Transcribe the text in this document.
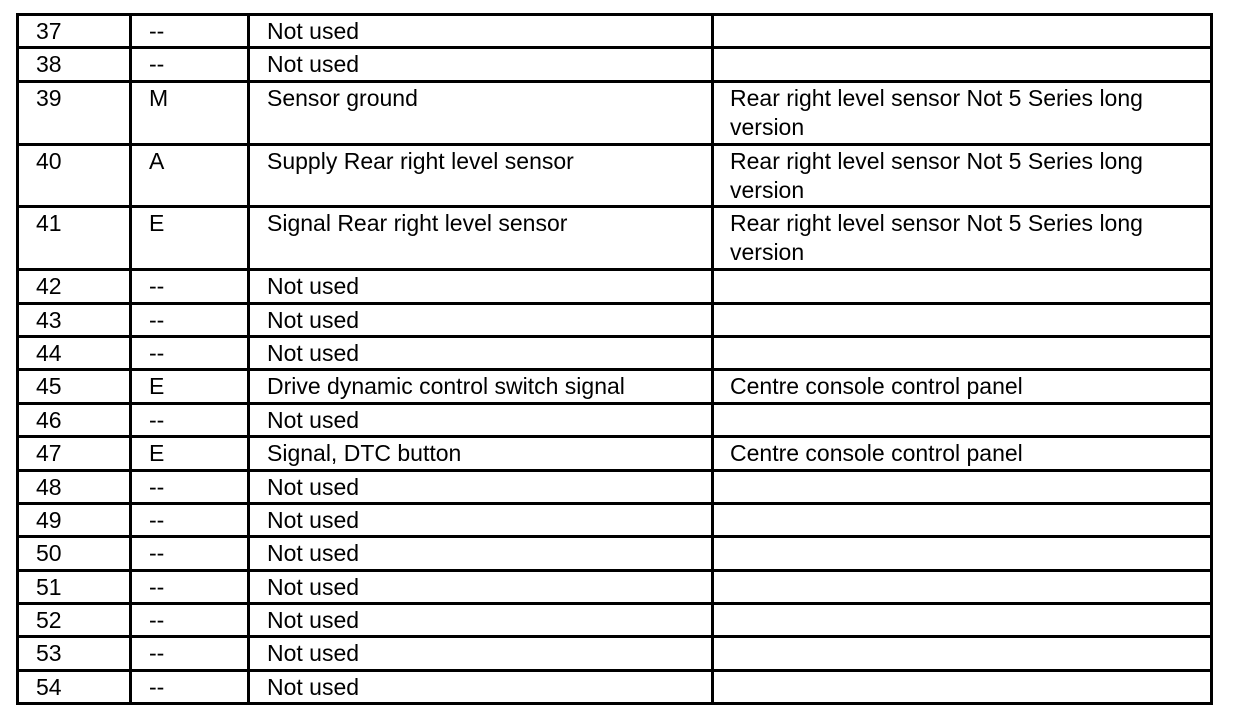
37	--	Not used	
38	--	Not used	
39	M	Sensor ground	Rear right level sensor Not 5 Series long version
40	A	Supply Rear right level sensor	Rear right level sensor Not 5 Series long version
41	E	Signal Rear right level sensor	Rear right level sensor Not 5 Series long version
42	--	Not used	
43	--	Not used	
44	--	Not used	
45	E	Drive dynamic control switch signal	Centre console control panel
46	--	Not used	
47	E	Signal, DTC button	Centre console control panel
48	--	Not used	
49	--	Not used	
50	--	Not used	
51	--	Not used	
52	--	Not used	
53	--	Not used	
54	--	Not used	
